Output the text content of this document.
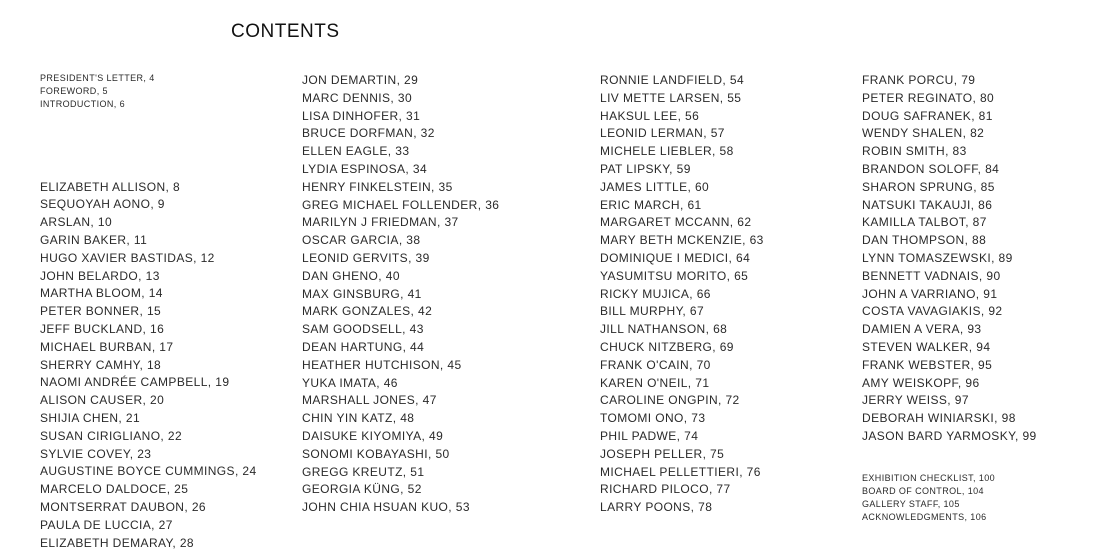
CONTENTS
PRESIDENT'S LETTER, 4
FOREWORD, 5
INTRODUCTION, 6
ELIZABETH ALLISON, 8
SEQUOYAH AONO, 9
ARSLAN, 10
GARIN BAKER, 11
HUGO XAVIER BASTIDAS, 12
JOHN BELARDO, 13
MARTHA BLOOM, 14
PETER BONNER, 15
JEFF BUCKLAND, 16
MICHAEL BURBAN, 17
SHERRY CAMHY, 18
NAOMI ANDRÉE CAMPBELL, 19
ALISON CAUSER, 20
SHIJIA CHEN, 21
SUSAN CIRIGLIANO, 22
SYLVIE COVEY, 23
AUGUSTINE BOYCE CUMMINGS, 24
MARCELO DALDOCE, 25
MONTSERRAT DAUBON, 26
PAULA DE LUCCIA, 27
ELIZABETH DEMARAY, 28
JON DEMARTIN, 29
MARC DENNIS, 30
LISA DINHOFER, 31
BRUCE DORFMAN, 32
ELLEN EAGLE, 33
LYDIA ESPINOSA, 34
HENRY FINKELSTEIN, 35
GREG MICHAEL FOLLENDER, 36
MARILYN J FRIEDMAN, 37
OSCAR GARCIA, 38
LEONID GERVITS, 39
DAN GHENO, 40
MAX GINSBURG, 41
MARK GONZALES, 42
SAM GOODSELL, 43
DEAN HARTUNG, 44
HEATHER HUTCHISON, 45
YUKA IMATA, 46
MARSHALL JONES, 47
CHIN YIN KATZ, 48
DAISUKE KIYOMIYA, 49
SONOMI KOBAYASHI, 50
GREGG KREUTZ, 51
GEORGIA KÜNG, 52
JOHN CHIA HSUAN KUO, 53
RONNIE LANDFIELD, 54
LIV METTE LARSEN, 55
HAKSUL LEE, 56
LEONID LERMAN, 57
MICHELE LIEBLER, 58
PAT LIPSKY, 59
JAMES LITTLE, 60
ERIC MARCH, 61
MARGARET MCCANN, 62
MARY BETH MCKENZIE, 63
DOMINIQUE I MEDICI, 64
YASUMITSU MORITO, 65
RICKY MUJICA, 66
BILL MURPHY, 67
JILL NATHANSON, 68
CHUCK NITZBERG, 69
FRANK O'CAIN, 70
KAREN O'NEIL, 71
CAROLINE ONGPIN, 72
TOMOMI ONO, 73
PHIL PADWE, 74
JOSEPH PELLER, 75
MICHAEL PELLETTIERI, 76
RICHARD PILOCO, 77
LARRY POONS, 78
FRANK PORCU, 79
PETER REGINATO, 80
DOUG SAFRANEK, 81
WENDY SHALEN, 82
ROBIN SMITH, 83
BRANDON SOLOFF, 84
SHARON SPRUNG, 85
NATSUKI TAKAUJI, 86
KAMILLA TALBOT, 87
DAN THOMPSON, 88
LYNN TOMASZEWSKI, 89
BENNETT VADNAIS, 90
JOHN A VARRIANO, 91
COSTA VAVAGIAKIS, 92
DAMIEN A VERA, 93
STEVEN WALKER, 94
FRANK WEBSTER, 95
AMY WEISKOPF, 96
JERRY WEISS, 97
DEBORAH WINIARSKI, 98
JASON BARD YARMOSKY, 99
EXHIBITION CHECKLIST, 100
BOARD OF CONTROL, 104
GALLERY STAFF, 105
ACKNOWLEDGMENTS, 106
